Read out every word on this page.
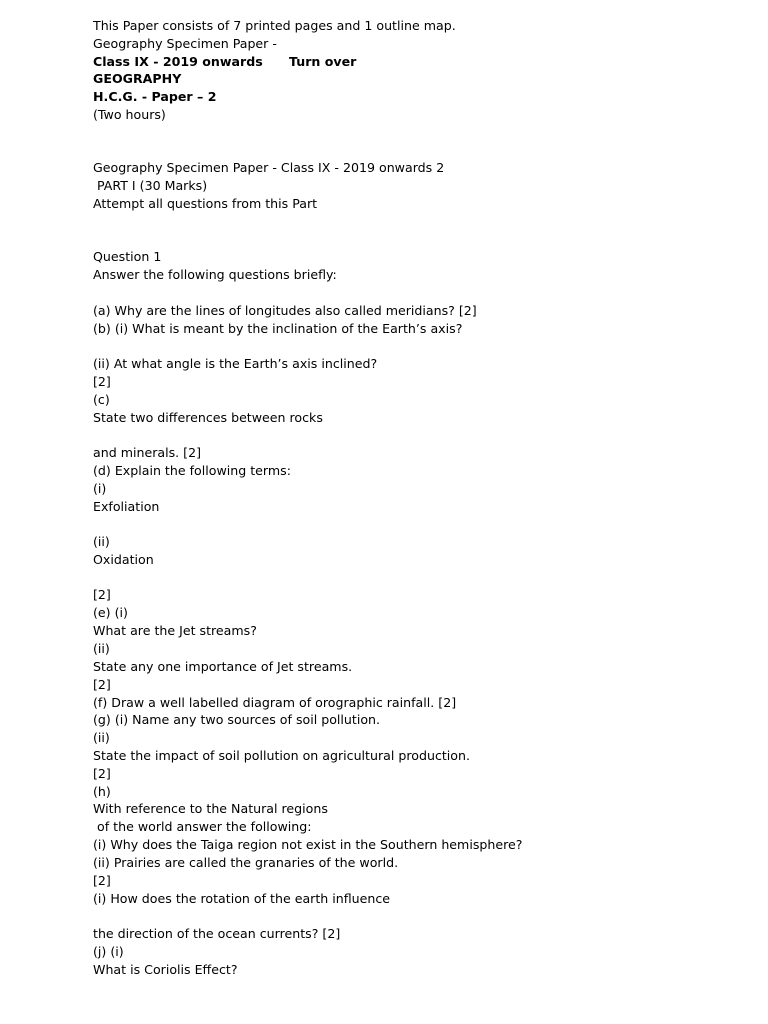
This Paper consists of 7 printed pages and 1 outline map.
Geography Specimen Paper -
Class IX - 2019 onwards      Turn over
GEOGRAPHY
H.C.G. - Paper – 2
(Two hours)
Geography Specimen Paper - Class IX - 2019 onwards 2
PART I (30 Marks)
Attempt all questions from this Part
Question 1
Answer the following questions briefly:
(a) Why are the lines of longitudes also called meridians? [2]
(b) (i) What is meant by the inclination of the Earth’s axis?
(ii) At what angle is the Earth’s axis inclined?
[2]
(c)
State two differences between rocks
and minerals. [2]
(d) Explain the following terms:
(i)
Exfoliation
(ii)
Oxidation
[2]
(e) (i)
What are the Jet streams?
(ii)
State any one importance of Jet streams.
[2]
(f) Draw a well labelled diagram of orographic rainfall. [2]
(g) (i) Name any two sources of soil pollution.
(ii)
State the impact of soil pollution on agricultural production.
[2]
(h)
With reference to the Natural regions
of the world answer the following:
(i) Why does the Taiga region not exist in the Southern hemisphere?
(ii) Prairies are called the granaries of the world.
[2]
(i) How does the rotation of the earth influence
the direction of the ocean currents? [2]
(j) (i)
What is Coriolis Effect?
